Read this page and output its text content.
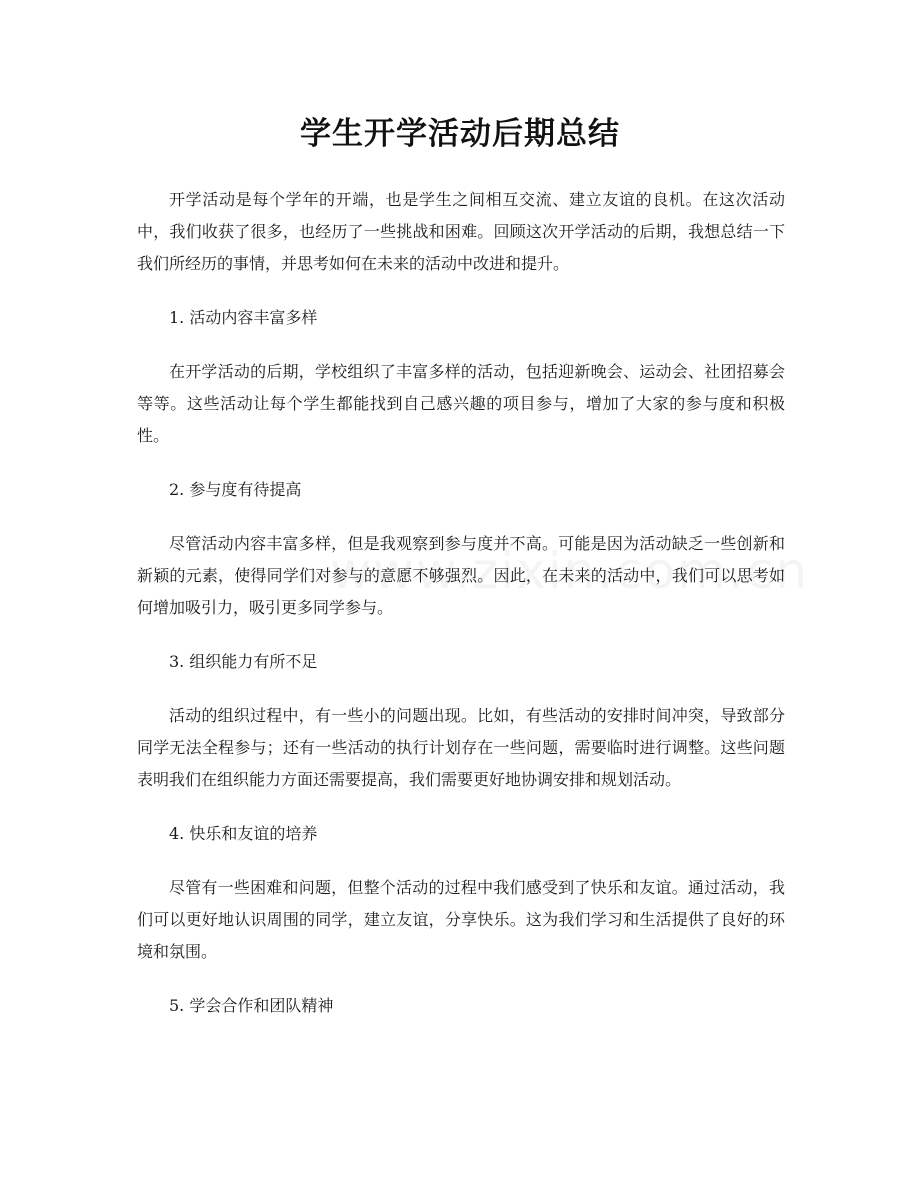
学生开学活动后期总结

开学活动是每个学年的开端，也是学生之间相互交流、建立友谊的良机。在这次活动中，我们收获了很多，也经历了一些挑战和困难。回顾这次开学活动的后期，我想总结一下我们所经历的事情，并思考如何在未来的活动中改进和提升。

1. 活动内容丰富多样

在开学活动的后期，学校组织了丰富多样的活动，包括迎新晚会、运动会、社团招募会等等。这些活动让每个学生都能找到自己感兴趣的项目参与，增加了大家的参与度和积极性。

2. 参与度有待提高

尽管活动内容丰富多样，但是我观察到参与度并不高。可能是因为活动缺乏一些创新和新颖的元素，使得同学们对参与的意愿不够强烈。因此，在未来的活动中，我们可以思考如何增加吸引力，吸引更多同学参与。

3. 组织能力有所不足

活动的组织过程中，有一些小的问题出现。比如，有些活动的安排时间冲突，导致部分同学无法全程参与；还有一些活动的执行计划存在一些问题，需要临时进行调整。这些问题表明我们在组织能力方面还需要提高，我们需要更好地协调安排和规划活动。

4. 快乐和友谊的培养

尽管有一些困难和问题，但整个活动的过程中我们感受到了快乐和友谊。通过活动，我们可以更好地认识周围的同学，建立友谊，分享快乐。这为我们学习和生活提供了良好的环境和氛围。

5. 学会合作和团队精神
